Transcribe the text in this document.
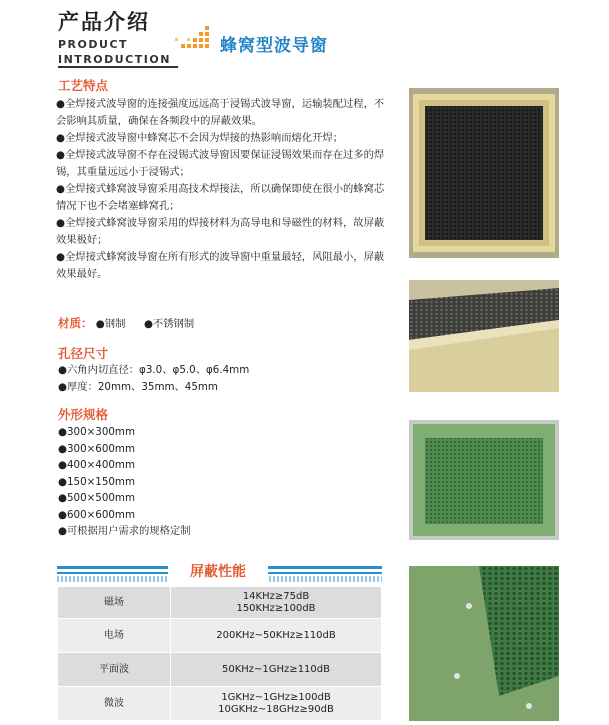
产品介绍
PRODUCT
INTRODUCTION
蜂窝型波导窗
工艺特点

●全焊接式波导窗的连接强度远远高于浸锡式波导窗，运输装配过程，不会影响其质量，确保在各频段中的屏蔽效果。

●全焊接式波导窗中蜂窝芯不会因为焊接的热影响而熔化开焊；

●全焊接式波导窗不存在浸锡式波导窗因要保证浸锡效果而存在过多的焊锡，其重量远远小于浸锡式；

●全焊接式蜂窝波导窗采用高技术焊接法，所以确保即使在很小的蜂窝芯情况下也不会堵塞蜂窝孔；

●全焊接式蜂窝波导窗采用的焊接材料为高导电和导磁性的材料，故屏蔽效果极好；

●全焊接式蜂窝波导窗在所有形式的波导窗中重量最轻，风阻最小，屏蔽效果最好。

材质： ●钢制 ●不锈钢制
孔径尺寸
●六角内切直径：φ3.0、φ5.0、φ6.4mm
●厚度：20mm、35mm、45mm
外形规格
●300×300mm
●300×600mm
●400×400mm
●150×150mm
●500×500mm
●600×600mm
●可根据用户需求的规格定制
屏蔽性能
磁场	14KHz≥75dB
150KHz≥100dB

电场	200KHz~50KHz≥110dB
平面波	50KHz~1GHz≥110dB
微波	1GKHz~1GHz≥100dB
10GKHz~18GHz≥90dB
